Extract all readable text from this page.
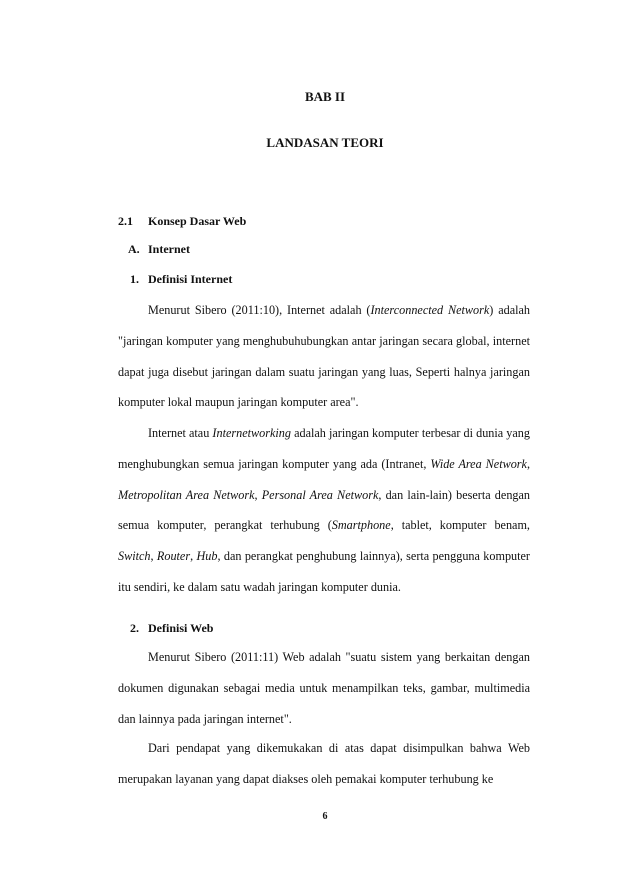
BAB II
LANDASAN TEORI
2.1 Konsep Dasar Web
A. Internet
1. Definisi Internet
Menurut Sibero (2011:10), Internet adalah (Interconnected Network) adalah "jaringan komputer yang menghubuhubungkan antar jaringan secara global, internet dapat juga disebut jaringan dalam suatu jaringan yang luas, Seperti halnya jaringan komputer lokal maupun jaringan komputer area".
Internet atau Internetworking adalah jaringan komputer terbesar di dunia yang menghubungkan semua jaringan komputer yang ada (Intranet, Wide Area Network, Metropolitan Area Network, Personal Area Network, dan lain-lain) beserta dengan semua komputer, perangkat terhubung (Smartphone, tablet, komputer benam, Switch, Router, Hub, dan perangkat penghubung lainnya), serta pengguna komputer itu sendiri, ke dalam satu wadah jaringan komputer dunia.
2. Definisi Web
Menurut Sibero (2011:11) Web adalah "suatu sistem yang berkaitan dengan dokumen digunakan sebagai media untuk menampilkan teks, gambar, multimedia dan lainnya pada jaringan internet".
Dari pendapat yang dikemukakan di atas dapat disimpulkan bahwa Web merupakan layanan yang dapat diakses oleh pemakai komputer terhubung ke
6
